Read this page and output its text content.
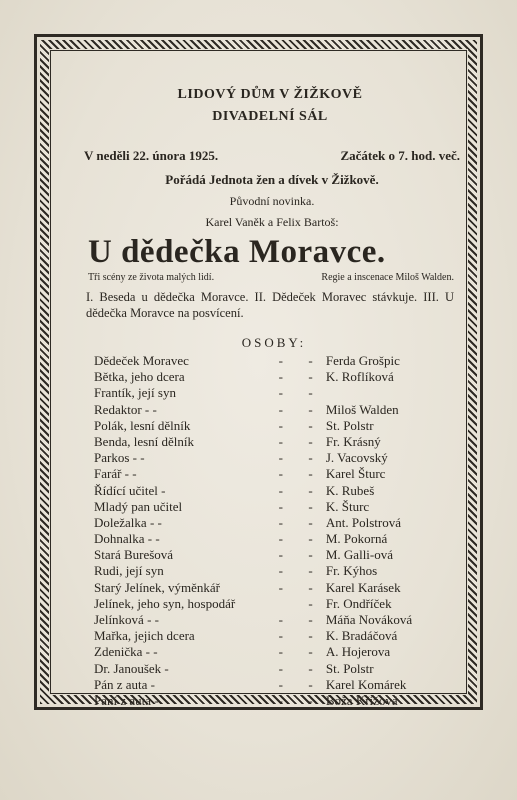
LIDOVÝ DŮM V ŽIŽKOVĚ
DIVADELNÍ SÁL
V neděli 22. února 1925.	Začátek o 7. hod. več.
Pořádá Jednota žen a dívek v Žižkově.
Původní novinka.
Karel Vaněk a Felix Bartoš:
U dědečka Moravce.
Tři scény ze života malých lidí.	Regie a inscenace Miloš Walden.
I. Beseda u dědečka Moravce. II. Dědeček Moravec stávkuje. III. U dědečka Moravce na posvícení.
OSOBY:
Dědeček Moravec	-	-	Ferda Grošpic
Bětka, jeho dcera	-	-	K. Roflíková
Frantík, její syn	-	-
Redaktor - -	-	-	Miloš Walden
Polák, lesní dělník	-	-	St. Polstr
Benda, lesní dělník	-	-	Fr. Krásný
Parkos - -	-	-	J. Vacovský
Farář - -	-	-	Karel Šturc
Řídící učitel -	-	-	K. Rubeš
Mladý pan učitel	-	-	K. Šturc
Doležalka - -	-	-	Ant. Polstrová
Dohnalka - -	-	-	M. Pokorná
Stará Burešová	-	-	M. Galli-ová
Rudi, její syn	-	-	Fr. Kýhos
Starý Jelínek, výměnkář	-	-	Karel Karásek
Jelínek, jeho syn, hospodář	-	Fr. Ondříček
Jelínková - -	-	-	Máňa Nováková
Mařka, jejich dcera	-	-	K. Bradáčová
Zdenička - -	-	-	A. Hojerova
Dr. Janoušek -	-	-	St. Polstr
Pán z auta -	-	-	Karel Komárek
Paní z auta -	-	-	Boža Křížová
